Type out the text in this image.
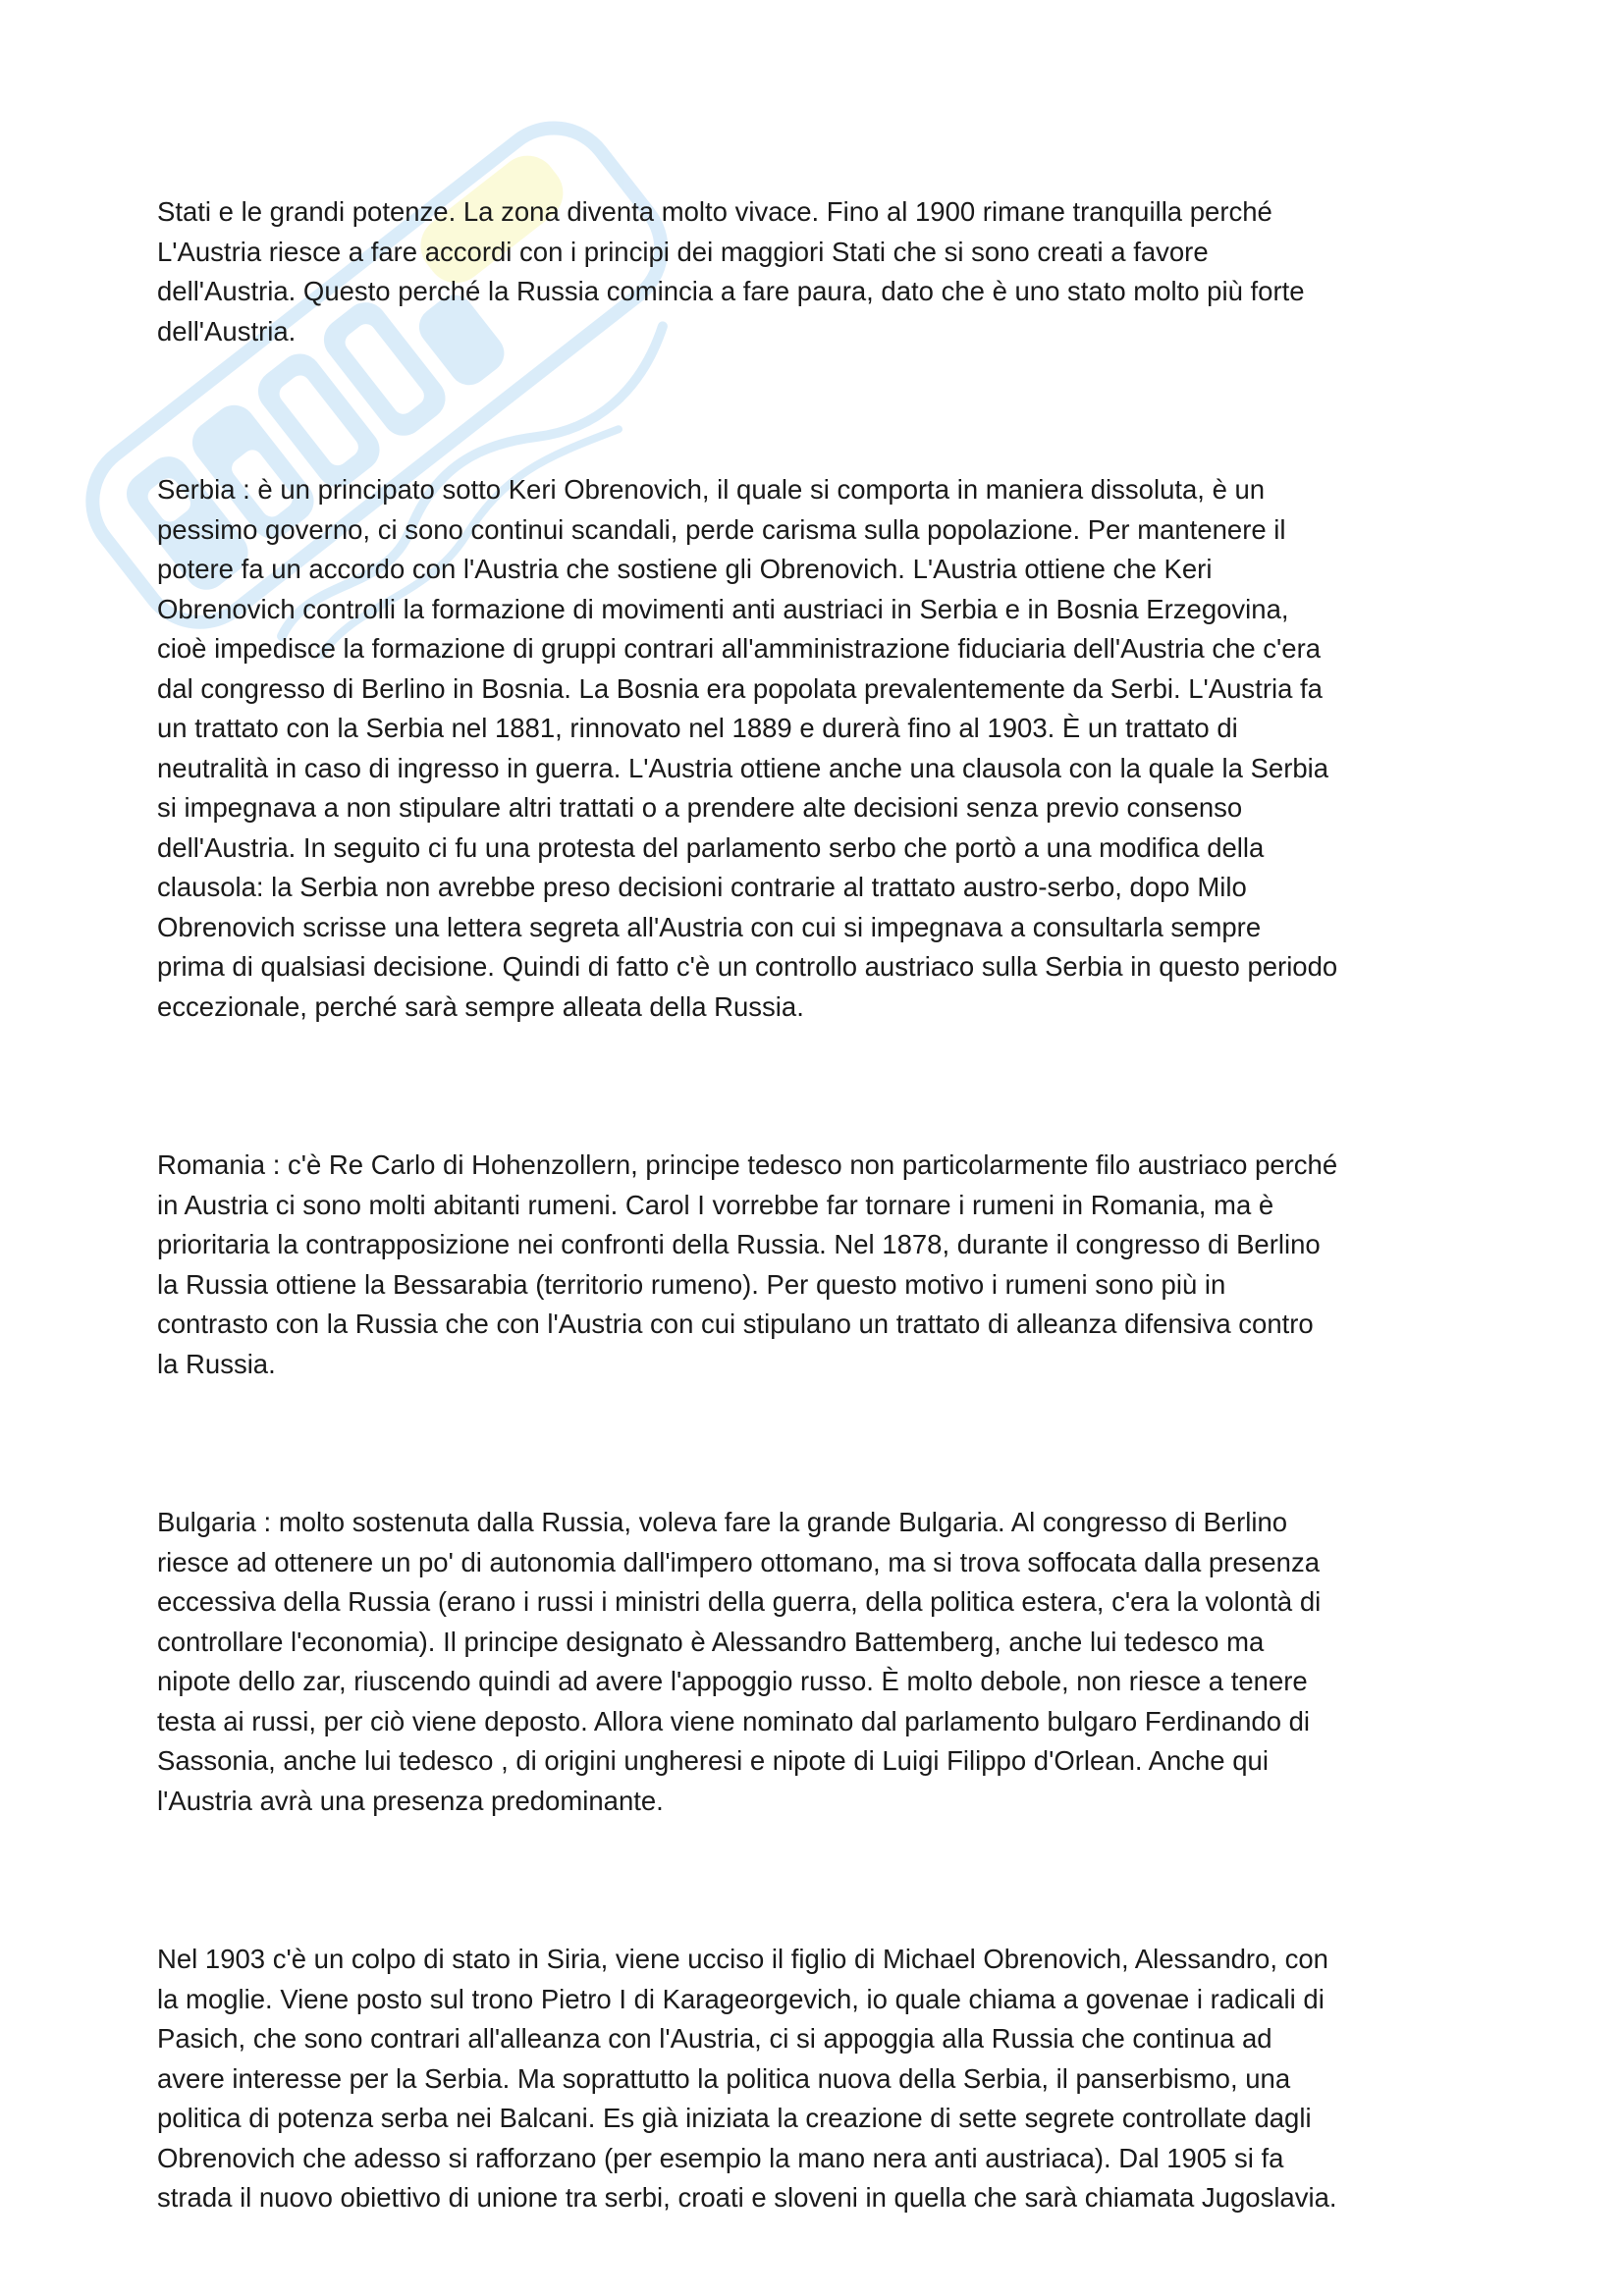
Stati e le grandi potenze. La zona diventa molto vivace. Fino al 1900 rimane tranquilla perché
L'Austria riesce a fare accordi con i principi dei maggiori Stati che si sono creati a favore
dell'Austria. Questo perché la Russia comincia a fare paura, dato che è uno stato molto più forte
dell'Austria.
Serbia : è un principato sotto Keri Obrenovich, il quale si comporta in maniera dissoluta, è un
pessimo governo, ci sono continui scandali, perde carisma sulla popolazione. Per mantenere il
potere fa un accordo con l'Austria che sostiene gli Obrenovich. L'Austria ottiene che Keri
Obrenovich controlli la formazione di movimenti anti austriaci in Serbia e in Bosnia Erzegovina,
cioè impedisce la formazione di gruppi contrari all'amministrazione fiduciaria dell'Austria che c'era
dal congresso di Berlino in Bosnia. La Bosnia era popolata prevalentemente da Serbi. L'Austria fa
un trattato con la Serbia nel 1881, rinnovato nel 1889 e durerà fino al 1903. È un trattato di
neutralità in caso di ingresso in guerra. L'Austria ottiene anche una clausola con la quale la Serbia
si impegnava a non stipulare altri trattati o a prendere alte decisioni senza previo consenso
dell'Austria. In seguito ci fu una protesta del parlamento serbo che portò a una modifica della
clausola: la Serbia non avrebbe preso decisioni contrarie al trattato austro-serbo, dopo Milo
Obrenovich scrisse una lettera segreta all'Austria con cui si impegnava a consultarla sempre
prima di qualsiasi decisione. Quindi di fatto c'è un controllo austriaco sulla Serbia in questo periodo
eccezionale, perché sarà sempre alleata della Russia.
Romania : c'è Re Carlo di Hohenzollern, principe tedesco non particolarmente filo austriaco perché
in Austria ci sono molti abitanti rumeni. Carol I vorrebbe far tornare i rumeni in Romania, ma è
prioritaria la contrapposizione nei confronti della Russia. Nel 1878, durante il congresso di Berlino
la Russia ottiene la Bessarabia (territorio rumeno). Per questo motivo i rumeni sono più in
contrasto con la Russia che con l'Austria con cui stipulano un trattato di alleanza difensiva contro
la Russia.
Bulgaria : molto sostenuta dalla Russia, voleva fare la grande Bulgaria. Al congresso di Berlino
riesce ad ottenere un po' di autonomia dall'impero ottomano, ma si trova soffocata dalla presenza
eccessiva della Russia (erano i russi i ministri della guerra, della politica estera, c'era la volontà di
controllare l'economia). Il principe designato è Alessandro Battemberg, anche lui tedesco ma
nipote dello zar, riuscendo quindi ad avere l'appoggio russo. È molto debole, non riesce a tenere
testa ai russi, per ciò viene deposto. Allora viene nominato dal parlamento bulgaro Ferdinando di
Sassonia, anche lui tedesco , di origini ungheresi e nipote di Luigi Filippo d'Orlean. Anche qui
l'Austria avrà una presenza predominante.
Nel 1903 c'è un colpo di stato in Siria, viene ucciso il figlio di Michael Obrenovich, Alessandro, con
la moglie. Viene posto sul trono Pietro I di Karageorgevich, io quale chiama a govenae i radicali di
Pasich, che sono contrari all'alleanza con l'Austria, ci si appoggia alla Russia che continua ad
avere interesse per la Serbia. Ma soprattutto la politica nuova della Serbia, il panserbismo, una
politica di potenza serba nei Balcani. Es già iniziata la creazione di sette segrete controllate dagli
Obrenovich che adesso si rafforzano (per esempio la mano nera anti austriaca). Dal 1905 si fa
strada il nuovo obiettivo di unione tra serbi, croati e sloveni in quella che sarà chiamata Jugoslavia.
